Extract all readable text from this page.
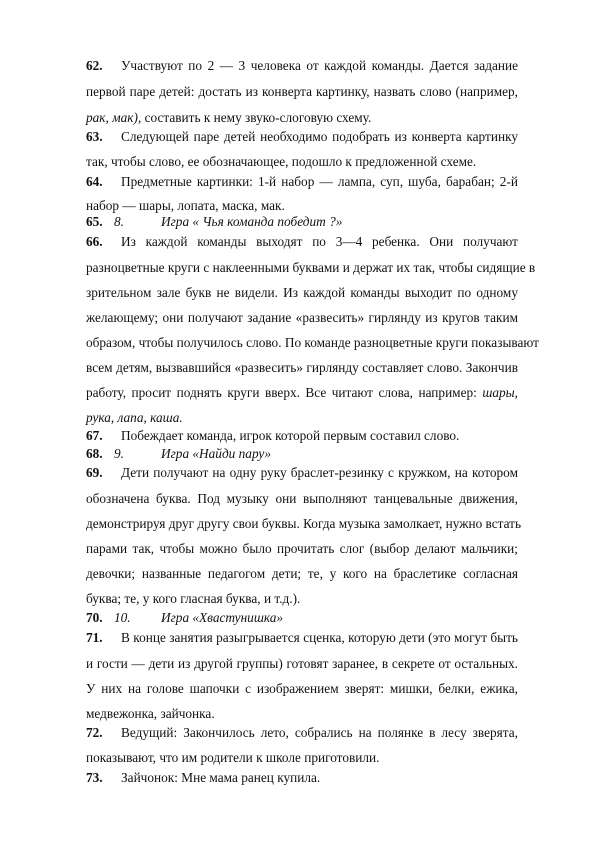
62. Участвуют по 2 — 3 человека от каждой команды. Дается задание
первой паре детей: достать из конверта картинку, назвать слово (например,
рак, мак), составить к нему звуко-слоговую схему.
63. Следующей паре детей необходимо подобрать из конверта картинку
так, чтобы слово, ее обозначающее, подошло к предложенной схеме.
64. Предметные картинки: 1-й набор — лампа, суп, шуба, барабан; 2-й
набор — шары, лопата, маска, мак.
65. 8.	Игра « Чья команда победит ?»
66. Из каждой команды выходят по 3—4 ребенка. Они получают
разноцветные круги с наклеенными буквами и держат их так, чтобы сидящие в
зрительном зале букв не видели. Из каждой команды выходит по одному
желающему; они получают задание «развесить» гирлянду из кругов таким
образом, чтобы получилось слово. По команде разноцветные круги показывают
всем детям, вызвавшийся «развесить» гирлянду составляет слово. Закончив
работу, просит поднять круги вверх. Все читают слова, например: шары,
рука, лапа, каша.
67. Побеждает команда, игрок которой первым составил слово.
68. 9.	Игра «Найди пару»
69. Дети получают на одну руку браслет-резинку с кружком, на котором
обозначена буква. Под музыку они выполняют танцевальные движения,
демонстрируя друг другу свои буквы. Когда музыка замолкает, нужно встать
парами так, чтобы можно было прочитать слог (выбор делают мальчики;
девочки; названные педагогом дети; те, у кого на браслетике согласная
буква; те, у кого гласная буква, и т.д.).
70. 10. Игра «Хвастунишка»
71. В конце занятия разыгрывается сценка, которую дети (это могут быть
и гости — дети из другой группы) готовят заранее, в секрете от остальных.
У них на голове шапочки с изображением зверят: мишки, белки, ежика,
медвежонка, зайчонка.
72. Ведущий: Закончилось лето, собрались на полянке в лесу зверята,
показывают, что им родители к школе приготовили.
73. Зайчонок: Мне мама ранец купила.
